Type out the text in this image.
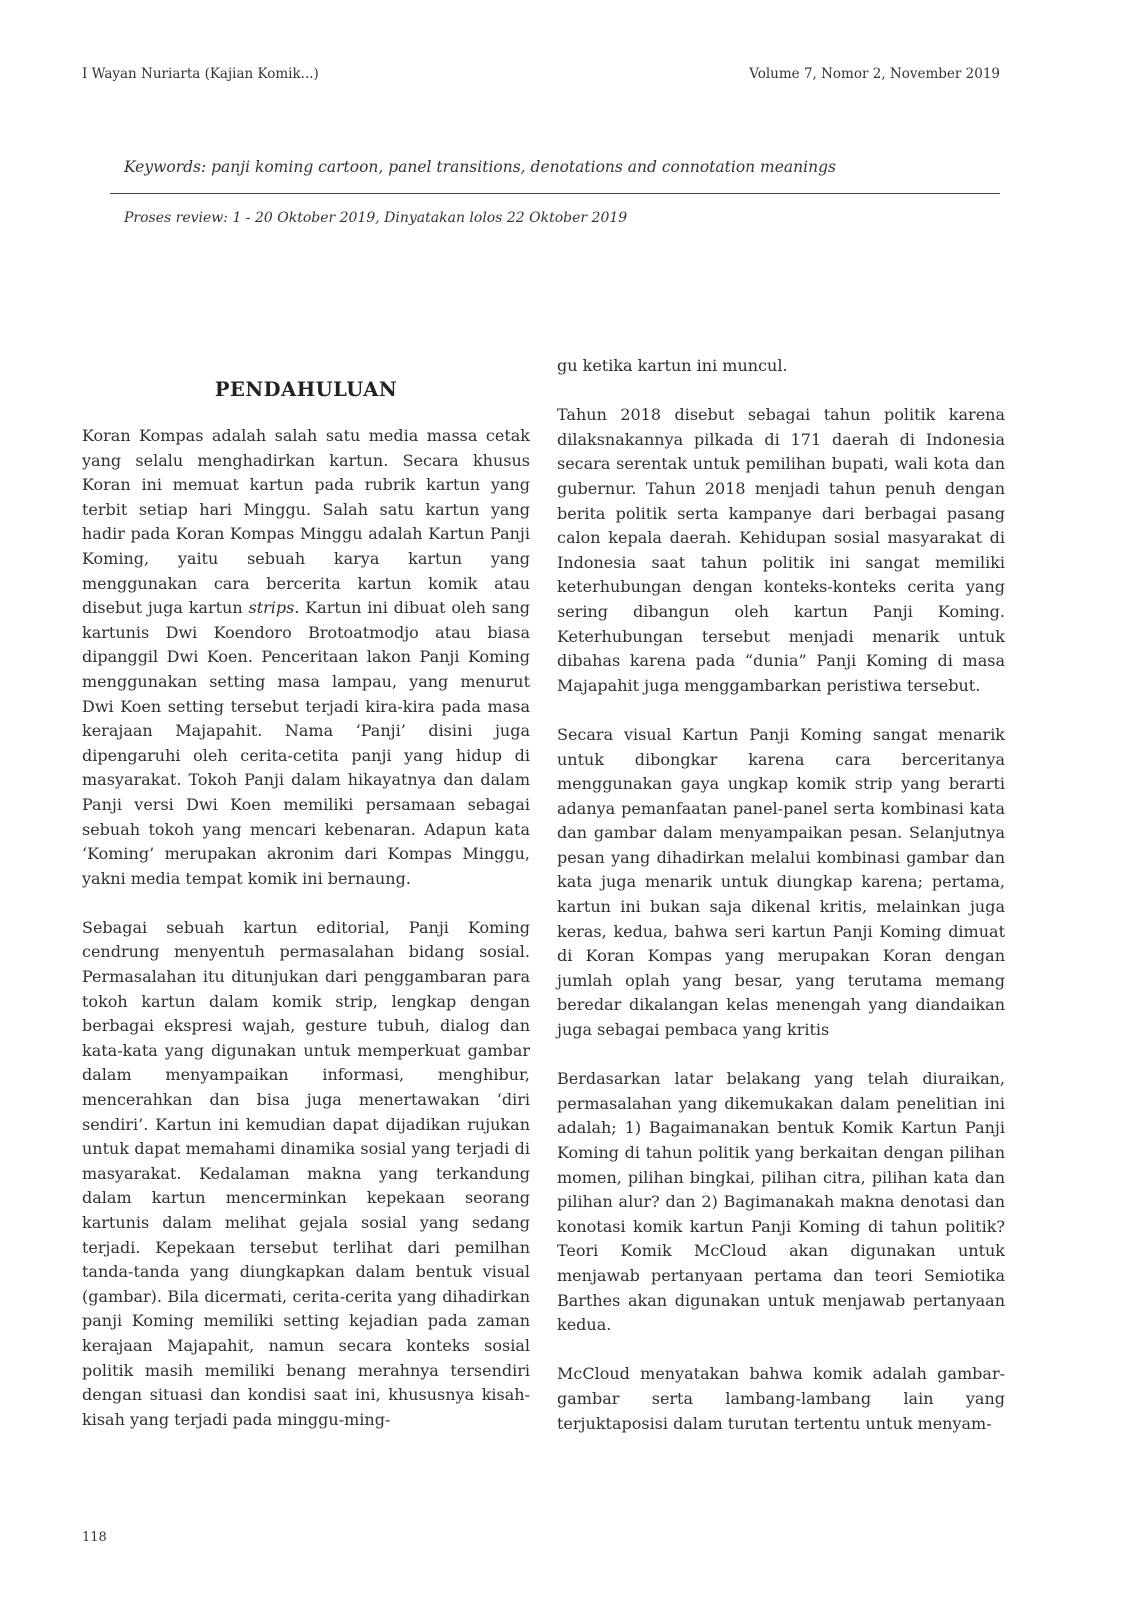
I Wayan Nuriarta (Kajian Komik...)	Volume 7, Nomor 2, November 2019
Keywords: panji koming cartoon, panel transitions, denotations and connotation meanings
Proses review: 1 - 20 Oktober 2019, Dinyatakan lolos 22 Oktober 2019
PENDAHULUAN

Koran Kompas adalah salah satu media massa cetak yang selalu menghadirkan kartun. Secara khusus Koran ini memuat kartun pada rubrik kartun yang terbit setiap hari Minggu. Salah satu kartun yang hadir pada Koran Kompas Minggu adalah Kartun Panji Koming, yaitu sebuah karya kartun yang menggunakan cara bercerita kartun komik atau disebut juga kartun strips. Kartun ini dibuat oleh sang kartunis Dwi Koendoro Brotoatmodjo atau biasa dipanggil Dwi Koen. Penceritaan lakon Panji Koming menggunakan setting masa lampau, yang menurut Dwi Koen setting tersebut terjadi kira-kira pada masa kerajaan Majapahit. Nama ‘Panji’ disini juga dipengaruhi oleh cerita-cetita panji yang hidup di masyarakat. Tokoh Panji dalam hikayatnya dan dalam Panji versi Dwi Koen memiliki persamaan sebagai sebuah tokoh yang mencari kebenaran. Adapun kata ‘Koming’ merupakan akronim dari Kompas Minggu, yakni media tempat komik ini bernaung.

Sebagai sebuah kartun editorial, Panji Koming cendrung menyentuh permasalahan bidang sosial. Permasalahan itu ditunjukan dari penggambaran para tokoh kartun dalam komik strip, lengkap dengan berbagai ekspresi wajah, gesture tubuh, dialog dan kata-kata yang digunakan untuk memperkuat gambar dalam menyampaikan informasi, menghibur, mencerahkan dan bisa juga menertawakan ‘diri sendiri’. Kartun ini kemudian dapat dijadikan rujukan untuk dapat memahami dinamika sosial yang terjadi di masyarakat. Kedalaman makna yang terkandung dalam kartun mencerminkan kepekaan seorang kartunis dalam melihat gejala sosial yang sedang terjadi. Kepekaan tersebut terlihat dari pemilhan tanda-tanda yang diungkapkan dalam bentuk visual (gambar). Bila dicermati, cerita-cerita yang dihadirkan panji Koming memiliki setting kejadian pada zaman kerajaan Majapahit, namun secara konteks sosial politik masih memiliki benang merahnya tersendiri dengan situasi dan kondisi saat ini, khususnya kisah-kisah yang terjadi pada minggu-ming-

gu ketika kartun ini muncul.

Tahun 2018 disebut sebagai tahun politik karena dilaksnakannya pilkada di 171 daerah di Indonesia secara serentak untuk pemilihan bupati, wali kota dan gubernur. Tahun 2018 menjadi tahun penuh dengan berita politik serta kampanye dari berbagai pasang calon kepala daerah. Kehidupan sosial masyarakat di Indonesia saat tahun politik ini sangat memiliki keterhubungan dengan konteks-konteks cerita yang sering dibangun oleh kartun Panji Koming. Keterhubungan tersebut menjadi menarik untuk dibahas karena pada “dunia” Panji Koming di masa Majapahit juga menggambarkan peristiwa tersebut.

Secara visual Kartun Panji Koming sangat menarik untuk dibongkar karena cara berceritanya menggunakan gaya ungkap komik strip yang berarti adanya pemanfaatan panel-panel serta kombinasi kata dan gambar dalam menyampaikan pesan. Selanjutnya pesan yang dihadirkan melalui kombinasi gambar dan kata juga menarik untuk diungkap karena; pertama, kartun ini bukan saja dikenal kritis, melainkan juga keras, kedua, bahwa seri kartun Panji Koming dimuat di Koran Kompas yang merupakan Koran dengan jumlah oplah yang besar, yang terutama memang beredar dikalangan kelas menengah yang diandaikan juga sebagai pembaca yang kritis

Berdasarkan latar belakang yang telah diuraikan, permasalahan yang dikemukakan dalam penelitian ini adalah; 1) Bagaimanakan bentuk Komik Kartun Panji Koming di tahun politik yang berkaitan dengan pilihan momen, pilihan bingkai, pilihan citra, pilihan kata dan pilihan alur? dan 2) Bagimanakah makna denotasi dan konotasi komik kartun Panji Koming di tahun politik? Teori Komik McCloud akan digunakan untuk menjawab pertanyaan pertama dan teori Semiotika Barthes akan digunakan untuk menjawab pertanyaan kedua.

McCloud menyatakan bahwa komik adalah gambar-gambar serta lambang-lambang lain yang terjuktaposisi dalam turutan tertentu untuk menyam-

118
